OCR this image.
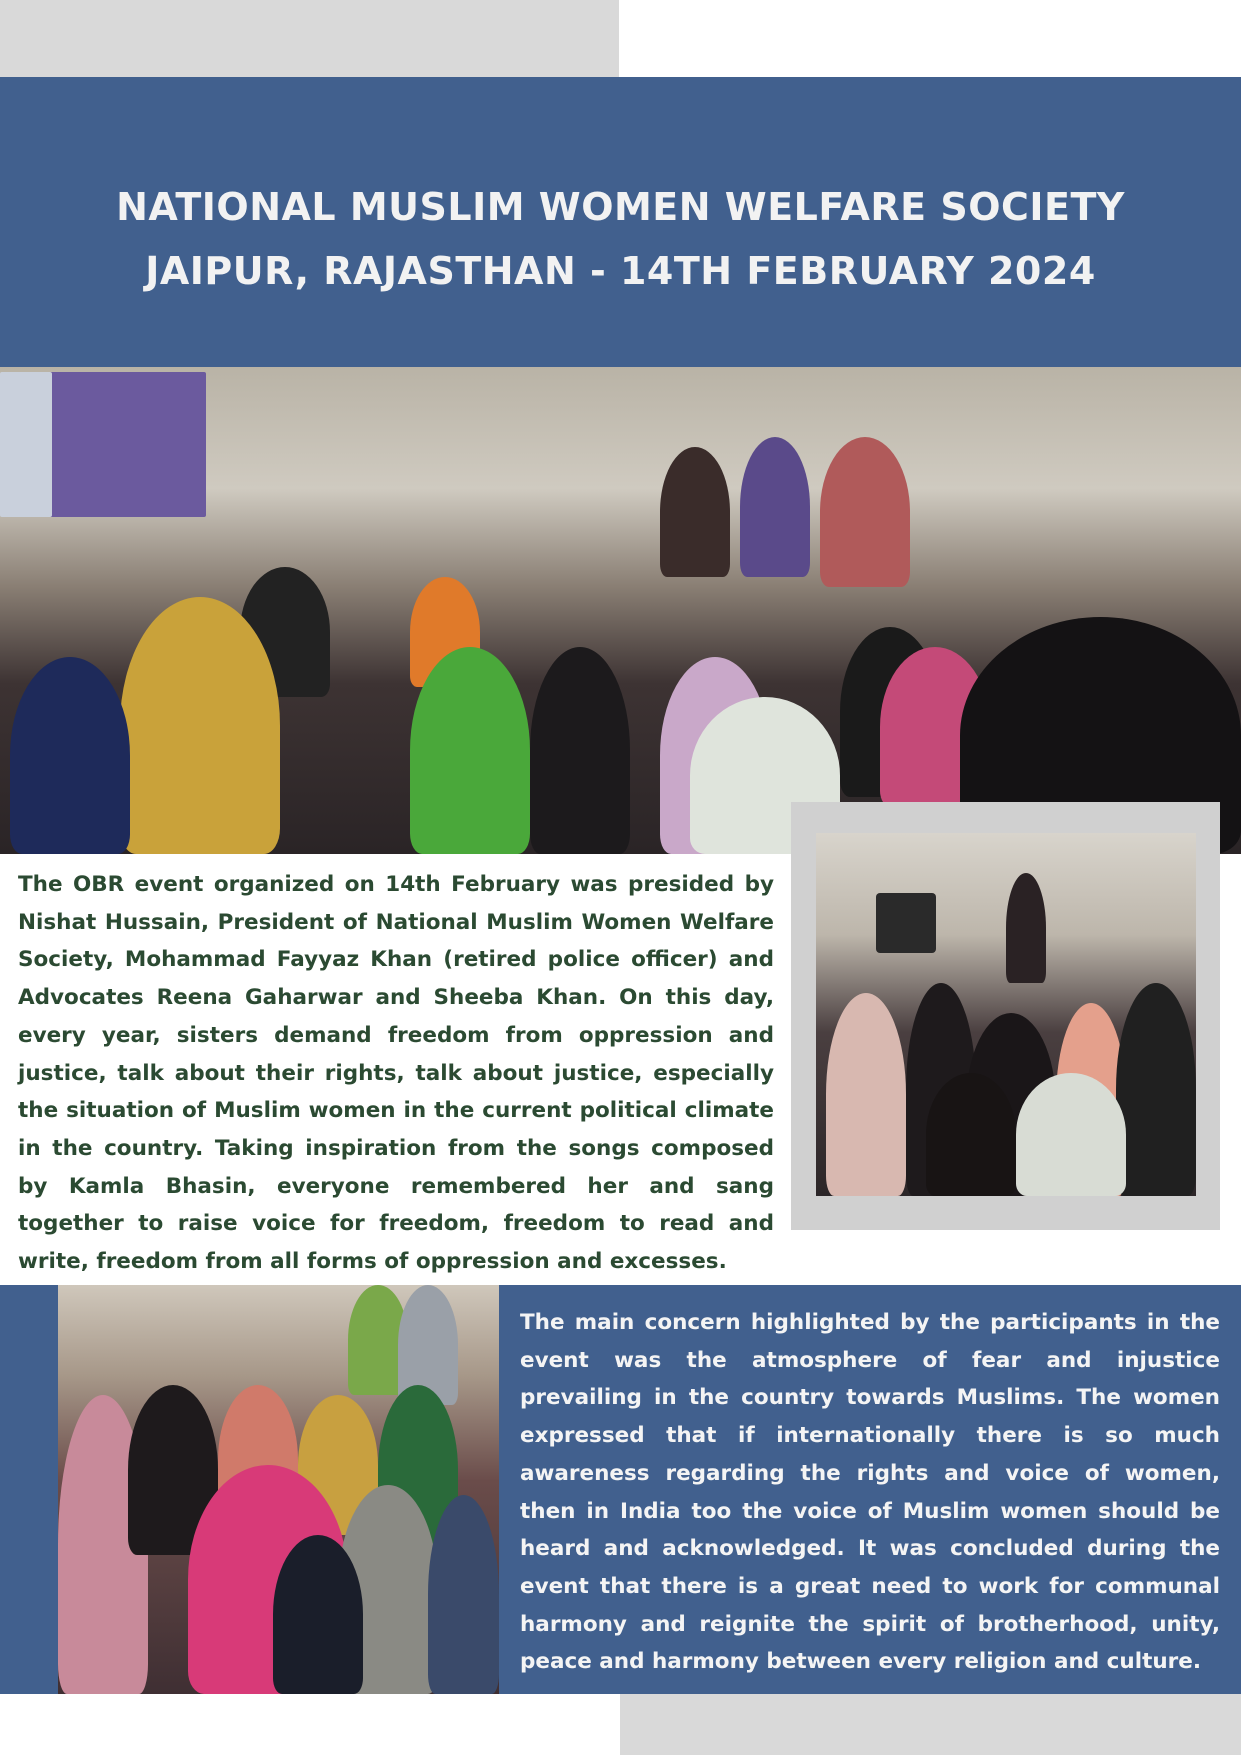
NATIONAL MUSLIM WOMEN WELFARE SOCIETY
JAIPUR, RAJASTHAN - 14TH FEBRUARY 2024

The OBR event organized on 14th February was presided by Nishat Hussain, President of National Muslim Women Welfare Society, Mohammad Fayyaz Khan (retired police officer) and Advocates Reena Gaharwar and Sheeba Khan. On this day, every year, sisters demand freedom from oppression and justice, talk about their rights, talk about justice, especially the situation of Muslim women in the current political climate in the country. Taking inspiration from the songs composed by Kamla Bhasin, everyone remembered her and sang together to raise voice for freedom, freedom to read and write, freedom from all forms of oppression and excesses.

The main concern highlighted by the participants in the event was the atmosphere of fear and injustice prevailing in the country towards Muslims. The women expressed that if internationally there is so much awareness regarding the rights and voice of women, then in India too the voice of Muslim women should be heard and acknowledged. It was concluded during the event that there is a great need to work for communal harmony and reignite the spirit of brotherhood, unity, peace and harmony between every religion and culture.
